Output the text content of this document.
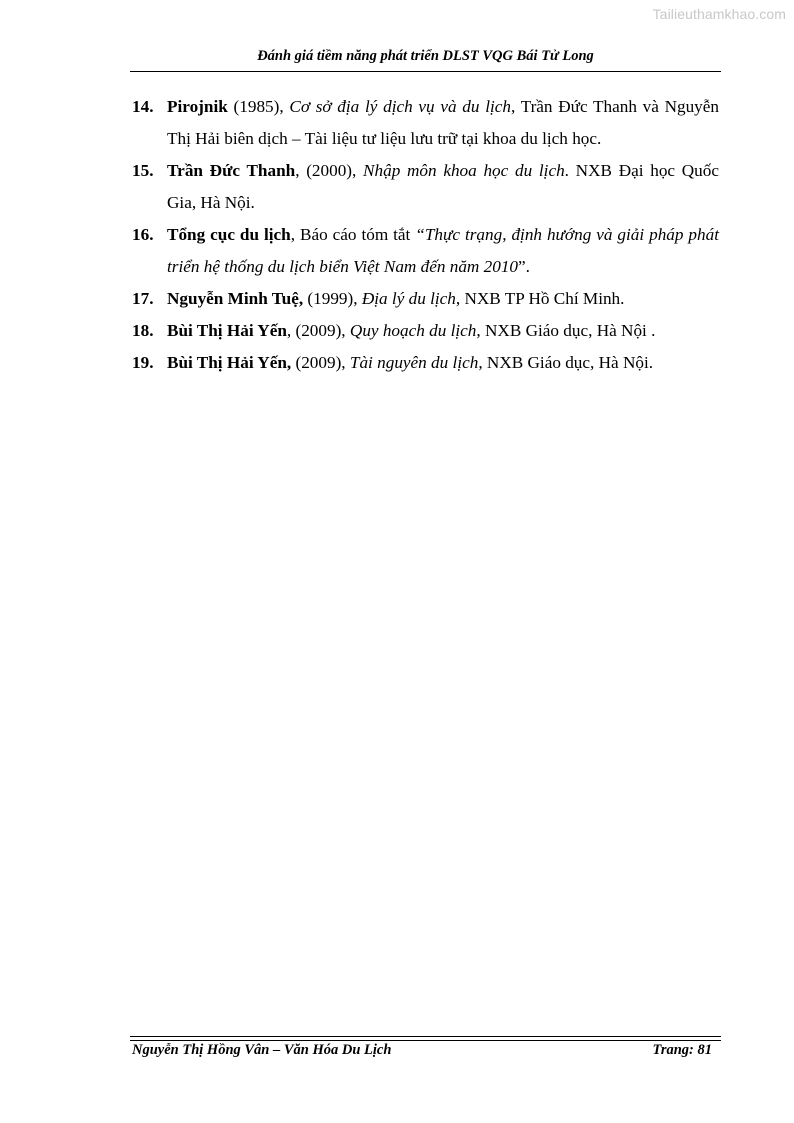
Tailieuthamkhao.com
Đánh giá tiềm năng phát triển DLST VQG Bái Tử Long
14. Pirojnik (1985), Cơ sở địa lý dịch vụ và du lịch, Trần Đức Thanh và Nguyễn Thị Hải biên dịch – Tài liệu tư liệu lưu trữ tại khoa du lịch học.
15. Trần Đức Thanh, (2000), Nhập môn khoa học du lịch. NXB Đại học Quốc Gia, Hà Nội.
16. Tổng cục du lịch, Báo cáo tóm tắt “Thực trạng, định hướng và giải pháp phát triển hệ thống du lịch biển Việt Nam đến năm 2010”.
17. Nguyễn Minh Tuệ, (1999), Địa lý du lịch, NXB TP Hồ Chí Minh.
18. Bùi Thị Hải Yến, (2009), Quy hoạch du lịch, NXB Giáo dục, Hà Nội .
19. Bùi Thị Hải Yến, (2009), Tài nguyên du lịch, NXB Giáo dục, Hà Nội.
Nguyễn Thị Hồng Vân – Văn Hóa Du Lịch	Trang: 81
